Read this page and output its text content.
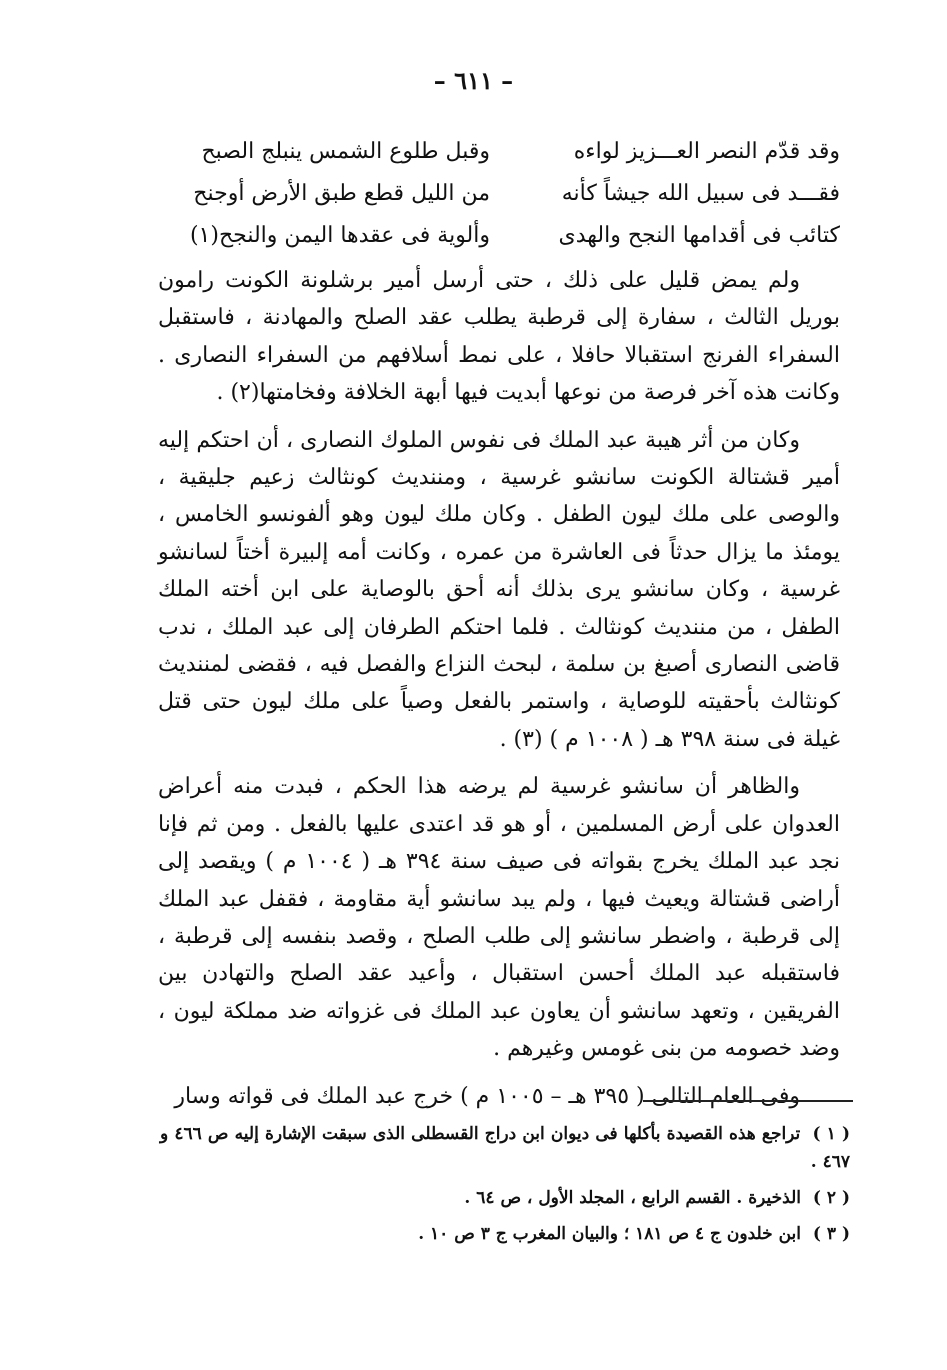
– ٦١١ –
وقد قدّم النصر العـــزيز لواءه
وقبل طلوع الشمس ينبلج الصبح
فقـــد فى سبيل الله جيشاً كأنه
من الليل قطع طبق الأرض أوجنح
كتائب فى أقدامها النجح والهدى
وألوية فى عقدها اليمن والنجح(١)

ولم يمض قليل على ذلك ، حتى أرسل أمير برشلونة الكونت رامون بوريل الثالث ، سفارة إلى قرطبة يطلب عقد الصلح والمهادنة ، فاستقبل السفراء الفرنج استقبالا حافلا ، على نمط أسلافهم من السفراء النصارى . وكانت هذه آخر فرصة من نوعها أبديت فيها أبهة الخلافة وفخامتها(٢) .

وكان من أثر هيبة عبد الملك فى نفوس الملوك النصارى ، أن احتكم إليه أمير قشتالة الكونت سانشو غرسية ، ومننديث كونثالث زعيم جليقية ، والوصى على ملك ليون الطفل . وكان ملك ليون وهو ألفونسو الخامس ، يومئذ ما يزال حدثاً فى العاشرة من عمره ، وكانت أمه إلبيرة أختاً لسانشو غرسية ، وكان سانشو يرى بذلك أنه أحق بالوصاية على ابن أخته الملك الطفل ، من مننديث كونثالث . فلما احتكم الطرفان إلى عبد الملك ، ندب قاضى النصارى أصبغ بن سلمة ، لبحث النزاع والفصل فيه ، فقضى لمننديث كونثالث بأحقيته للوصاية ، واستمر بالفعل وصياً على ملك ليون حتى قتل غيلة فى سنة ٣٩٨ هـ ( ١٠٠٨ م ) (٣) .

والظاهر أن سانشو غرسية لم يرضه هذا الحكم ، فبدت منه أعراض العدوان على أرض المسلمين ، أو هو قد اعتدى عليها بالفعل . ومن ثم فإنا نجد عبد الملك يخرج بقواته فى صيف سنة ٣٩٤ هـ ( ١٠٠٤ م ) ويقصد إلى أراضى قشتالة ويعيث فيها ، ولم يبد سانشو أية مقاومة ، فقفل عبد الملك إلى قرطبة ، واضطر سانشو إلى طلب الصلح ، وقصد بنفسه إلى قرطبة ، فاستقبله عبد الملك أحسن استقبال ، وأعيد عقد الصلح والتهادن بين الفريقين ، وتعهد سانشو أن يعاون عبد الملك فى غزواته ضد مملكة ليون ، وضد خصومه من بنى غومس وغيرهم .

وفى العام التالى ( ٣٩٥ هـ – ١٠٠٥ م ) خرج عبد الملك فى قواته وسار

( ١ ) تراجع هذه القصيدة بأكلها فى ديوان ابن دراج القسطلى الذى سبقت الإشارة إليه ص ٤٦٦ و ٤٦٧ .
( ٢ ) الذخيرة . القسم الرابع ، المجلد الأول ، ص ٦٤ .
( ٣ ) ابن خلدون ج ٤ ص ١٨١ ؛ والبيان المغرب ج ٣ ص ١٠ .
